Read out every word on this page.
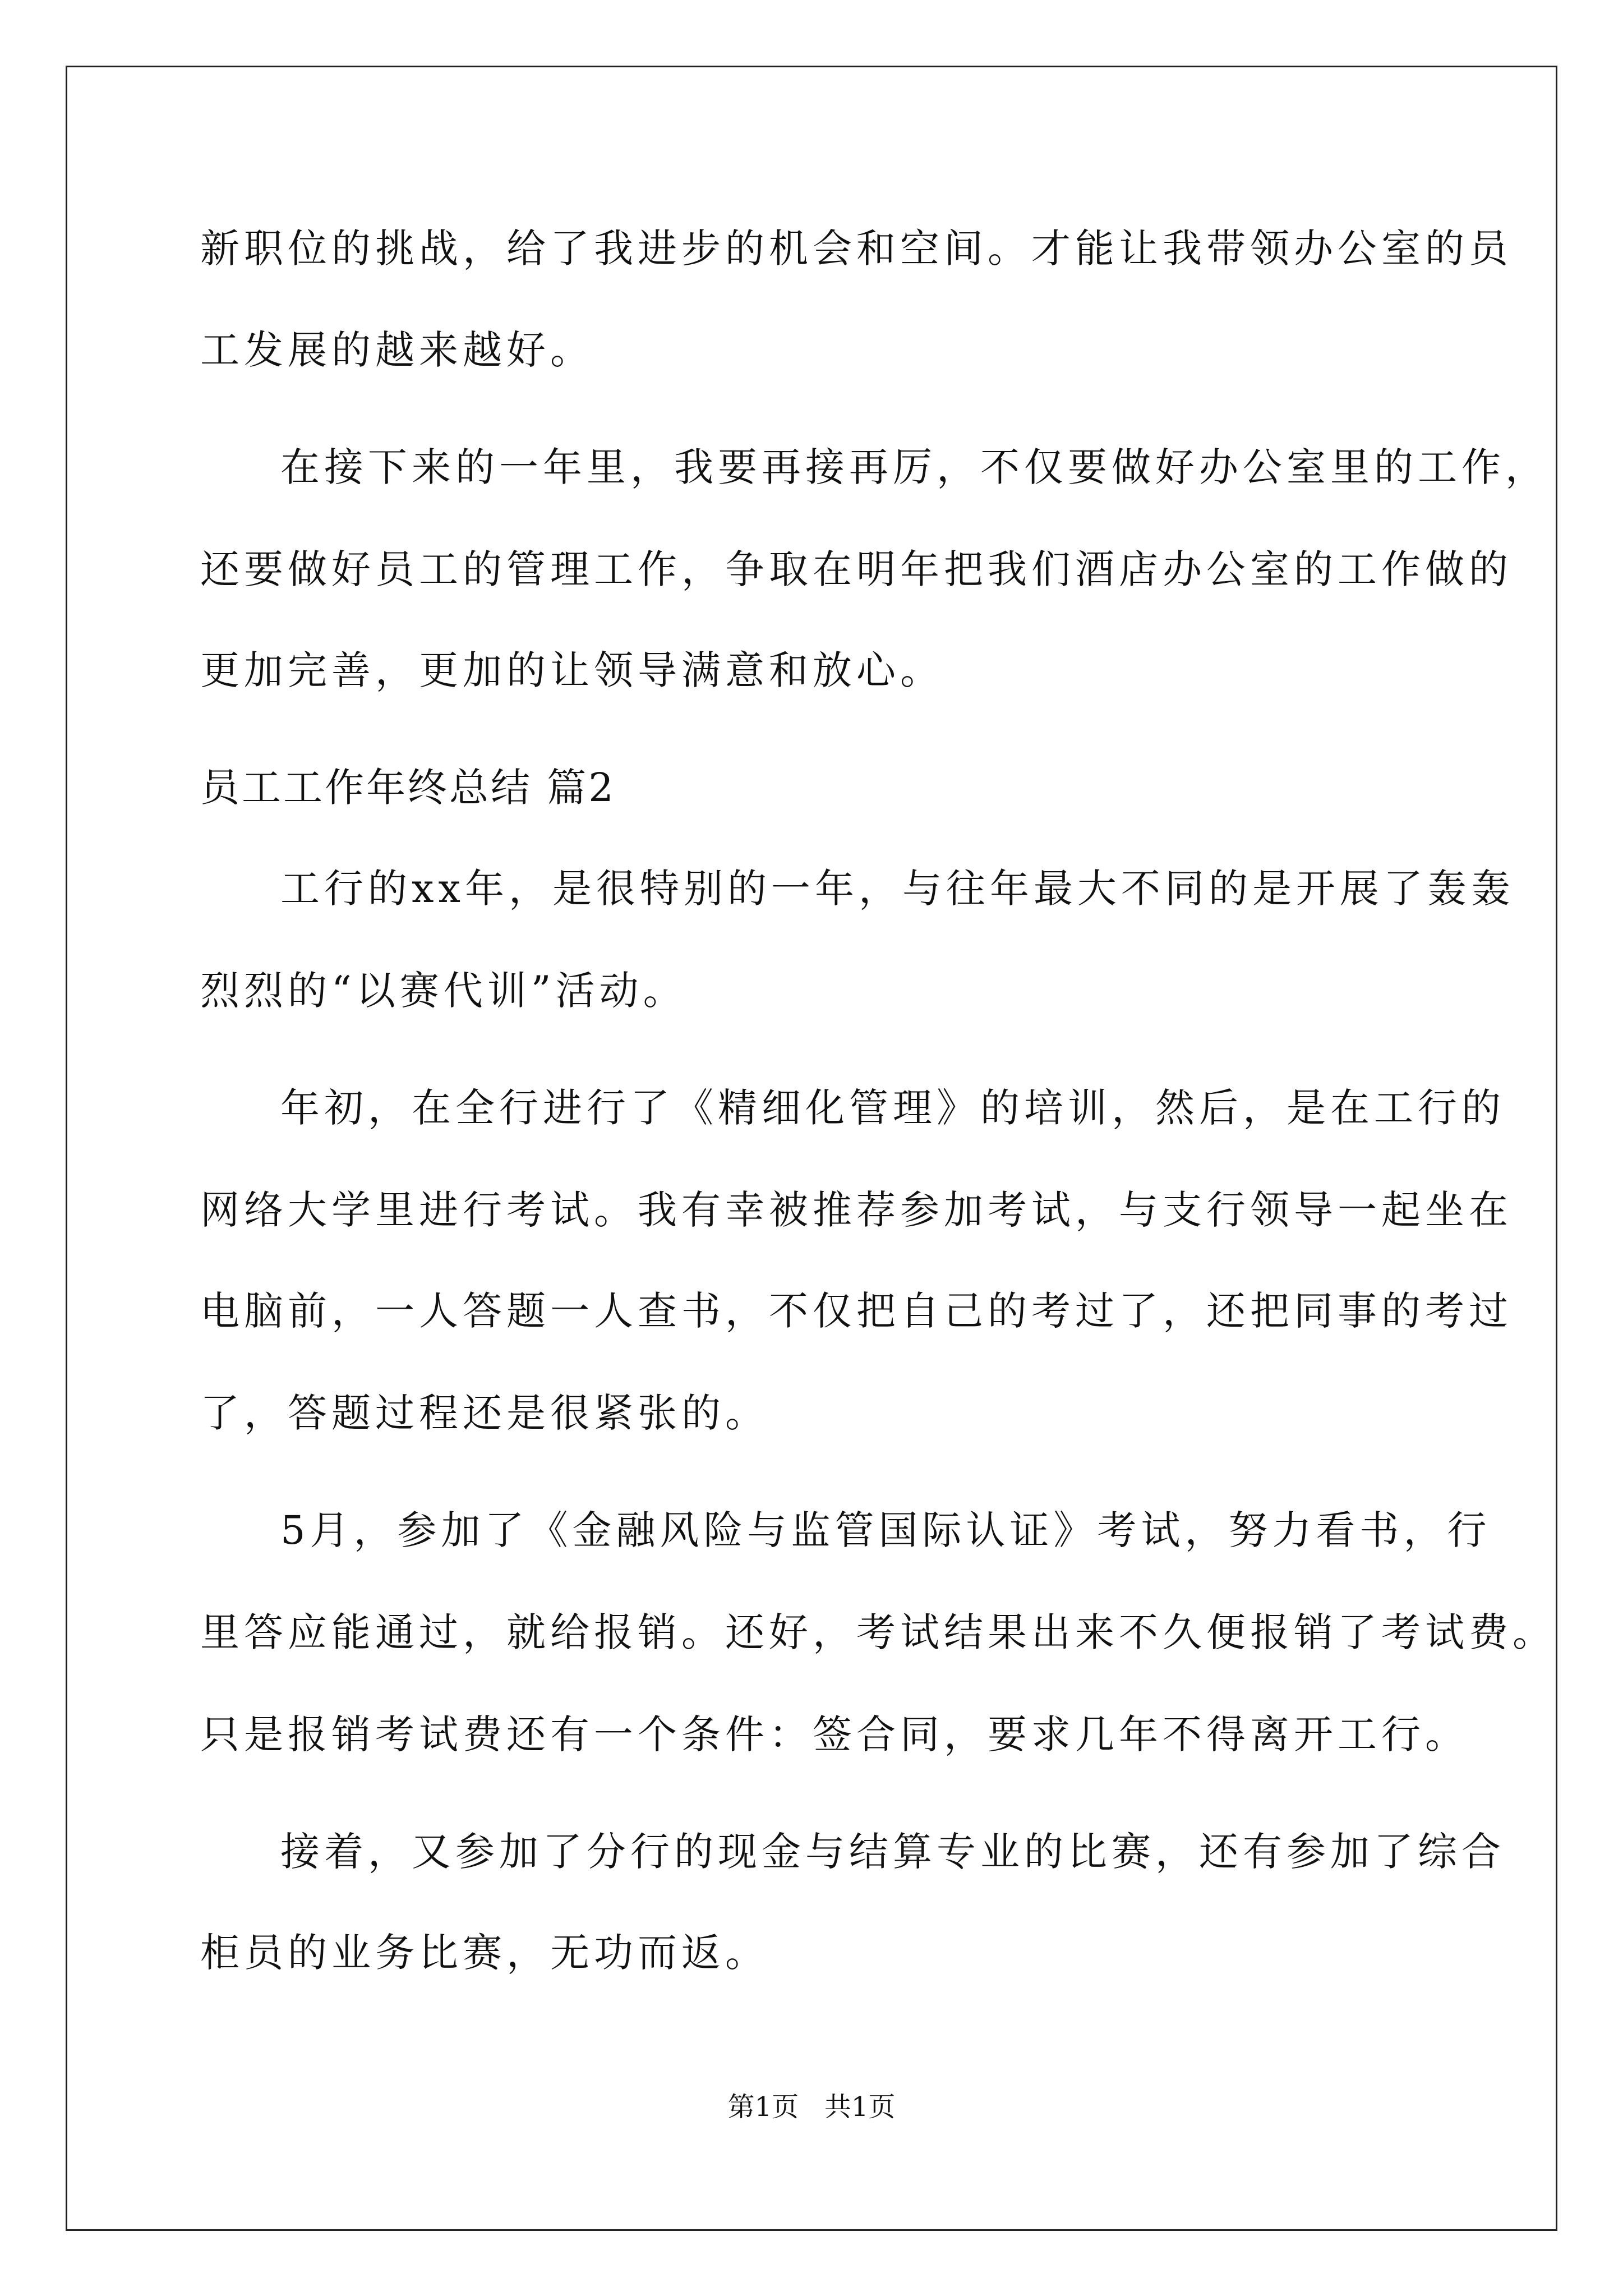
新职位的挑战，给了我进步的机会和空间。才能让我带领办公室的员
工发展的越来越好。
在接下来的一年里，我要再接再厉，不仅要做好办公室里的工作，
还要做好员工的管理工作，争取在明年把我们酒店办公室的工作做的
更加完善，更加的让领导满意和放心。
员工工作年终总结 篇2
工行的xx年，是很特别的一年，与往年最大不同的是开展了轰轰
烈烈的“以赛代训”活动。
年初，在全行进行了《精细化管理》的培训，然后，是在工行的
网络大学里进行考试。我有幸被推荐参加考试，与支行领导一起坐在
电脑前，一人答题一人查书，不仅把自己的考过了，还把同事的考过
了，答题过程还是很紧张的。
5月，参加了《金融风险与监管国际认证》考试，努力看书，行
里答应能通过，就给报销。还好，考试结果出来不久便报销了考试费。
只是报销考试费还有一个条件：签合同，要求几年不得离开工行。
接着，又参加了分行的现金与结算专业的比赛，还有参加了综合
柜员的业务比赛，无功而返。
第1页   共1页
